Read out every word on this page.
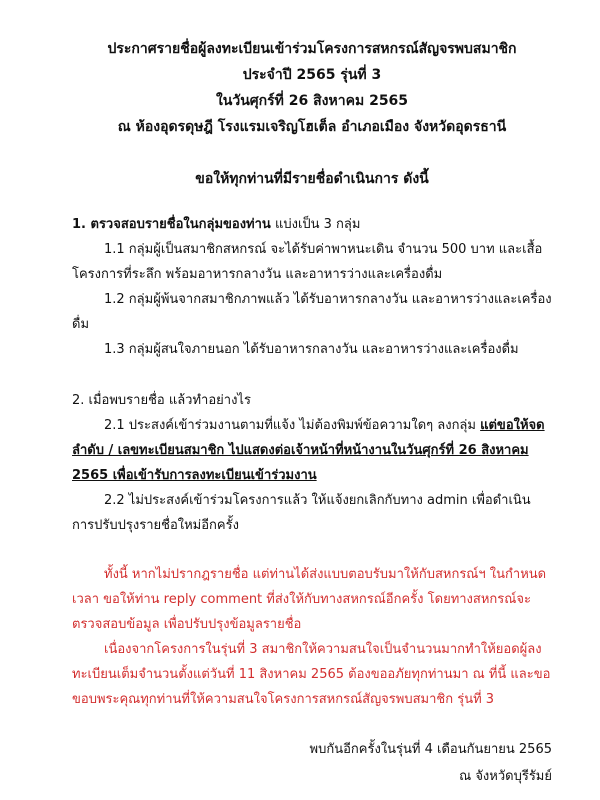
ประกาศรายชื่อผู้ลงทะเบียนเข้าร่วมโครงการสหกรณ์สัญจรพบสมาชิก
ประจำปี 2565 รุ่นที่ 3
ในวันศุกร์ที่ 26 สิงหาคม 2565
ณ ห้องอุดรดุษฎี โรงแรมเจริญโฮเต็ล อำเภอเมือง จังหวัดอุดรธานี
ขอให้ทุกท่านที่มีรายชื่อดำเนินการ ดังนี้

1. ตรวจสอบรายชื่อในกลุ่มของท่าน แบ่งเป็น 3 กลุ่ม

1.1 กลุ่มผู้เป็นสมาชิกสหกรณ์ จะได้รับค่าพาหนะเดิน จำนวน 500 บาท และเสื้อโครงการที่ระลึก พร้อมอาหารกลางวัน และอาหารว่างและเครื่องดื่ม

1.2 กลุ่มผู้พ้นจากสมาชิกภาพแล้ว ได้รับอาหารกลางวัน และอาหารว่างและเครื่องดื่ม

1.3 กลุ่มผู้สนใจภายนอก ได้รับอาหารกลางวัน และอาหารว่างและเครื่องดื่ม

2. เมื่อพบรายชื่อ แล้วทำอย่างไร

2.1 ประสงค์เข้าร่วมงานตามที่แจ้ง ไม่ต้องพิมพ์ข้อความใดๆ ลงกลุ่ม แต่ขอให้จดลำดับ / เลขทะเบียนสมาชิก ไปแสดงต่อเจ้าหน้าที่หน้างานในวันศุกร์ที่ 26 สิงหาคม 2565 เพื่อเข้ารับการลงทะเบียนเข้าร่วมงาน

2.2 ไม่ประสงค์เข้าร่วมโครงการแล้ว ให้แจ้งยกเลิกกับทาง admin เพื่อดำเนินการปรับปรุงรายชื่อใหม่อีกครั้ง

ทั้งนี้ หากไม่ปรากฎรายชื่อ แต่ท่านได้ส่งแบบตอบรับมาให้กับสหกรณ์ฯ ในกำหนดเวลา ขอให้ท่าน reply comment ที่ส่งให้กับทางสหกรณ์อีกครั้ง โดยทางสหกรณ์จะตรวจสอบข้อมูล เพื่อปรับปรุงข้อมูลรายชื่อ

เนื่องจากโครงการในรุ่นที่ 3 สมาชิกให้ความสนใจเป็นจำนวนมากทำให้ยอดผู้ลงทะเบียนเต็มจำนวนตั้งแต่วันที่ 11 สิงหาคม 2565 ต้องขออภัยทุกท่านมา ณ ที่นี้ และขอขอบพระคุณทุกท่านที่ให้ความสนใจโครงการสหกรณ์สัญจรพบสมาชิก รุ่นที่ 3

พบกันอีกครั้งในรุ่นที่ 4 เดือนกันยายน 2565
ณ จังหวัดบุรีรัมย์
